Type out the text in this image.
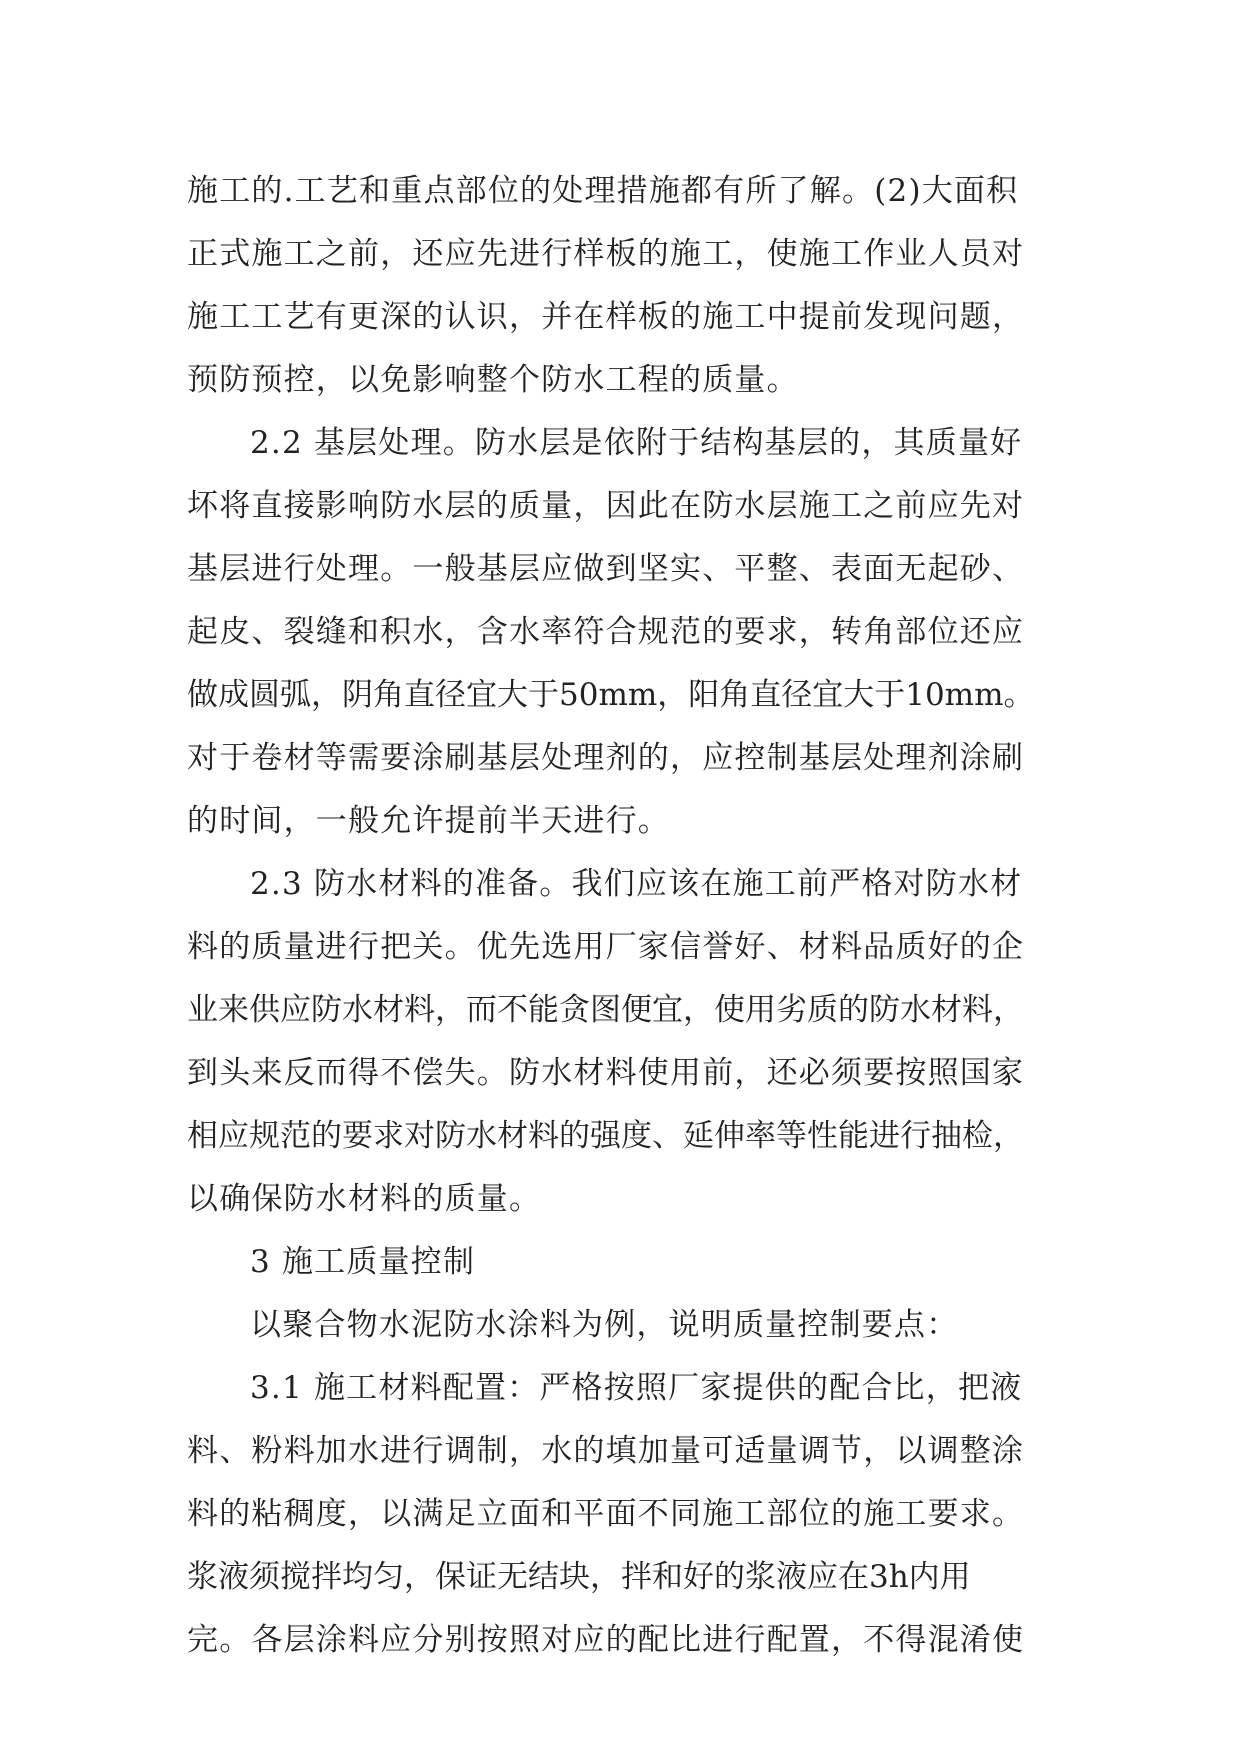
施工的.工艺和重点部位的处理措施都有所了解。(2)大面积
正式施工之前，还应先进行样板的施工，使施工作业人员对
施工工艺有更深的认识，并在样板的施工中提前发现问题，
预防预控，以免影响整个防水工程的质量。
2.2 基层处理。防水层是依附于结构基层的，其质量好
坏将直接影响防水层的质量，因此在防水层施工之前应先对
基层进行处理。一般基层应做到坚实、平整、表面无起砂、
起皮、裂缝和积水，含水率符合规范的要求，转角部位还应
做成圆弧，阴角直径宜大于50mm，阳角直径宜大于10mm。
对于卷材等需要涂刷基层处理剂的，应控制基层处理剂涂刷
的时间，一般允许提前半天进行。
2.3 防水材料的准备。我们应该在施工前严格对防水材
料的质量进行把关。优先选用厂家信誉好、材料品质好的企
业来供应防水材料，而不能贪图便宜，使用劣质的防水材料，
到头来反而得不偿失。防水材料使用前，还必须要按照国家
相应规范的要求对防水材料的强度、延伸率等性能进行抽检，
以确保防水材料的质量。
3 施工质量控制
以聚合物水泥防水涂料为例，说明质量控制要点：
3.1 施工材料配置：严格按照厂家提供的配合比，把液
料、粉料加水进行调制，水的填加量可适量调节，以调整涂
料的粘稠度，以满足立面和平面不同施工部位的施工要求。
浆液须搅拌均匀，保证无结块，拌和好的浆液应在3h内用
完。各层涂料应分别按照对应的配比进行配置，不得混淆使
